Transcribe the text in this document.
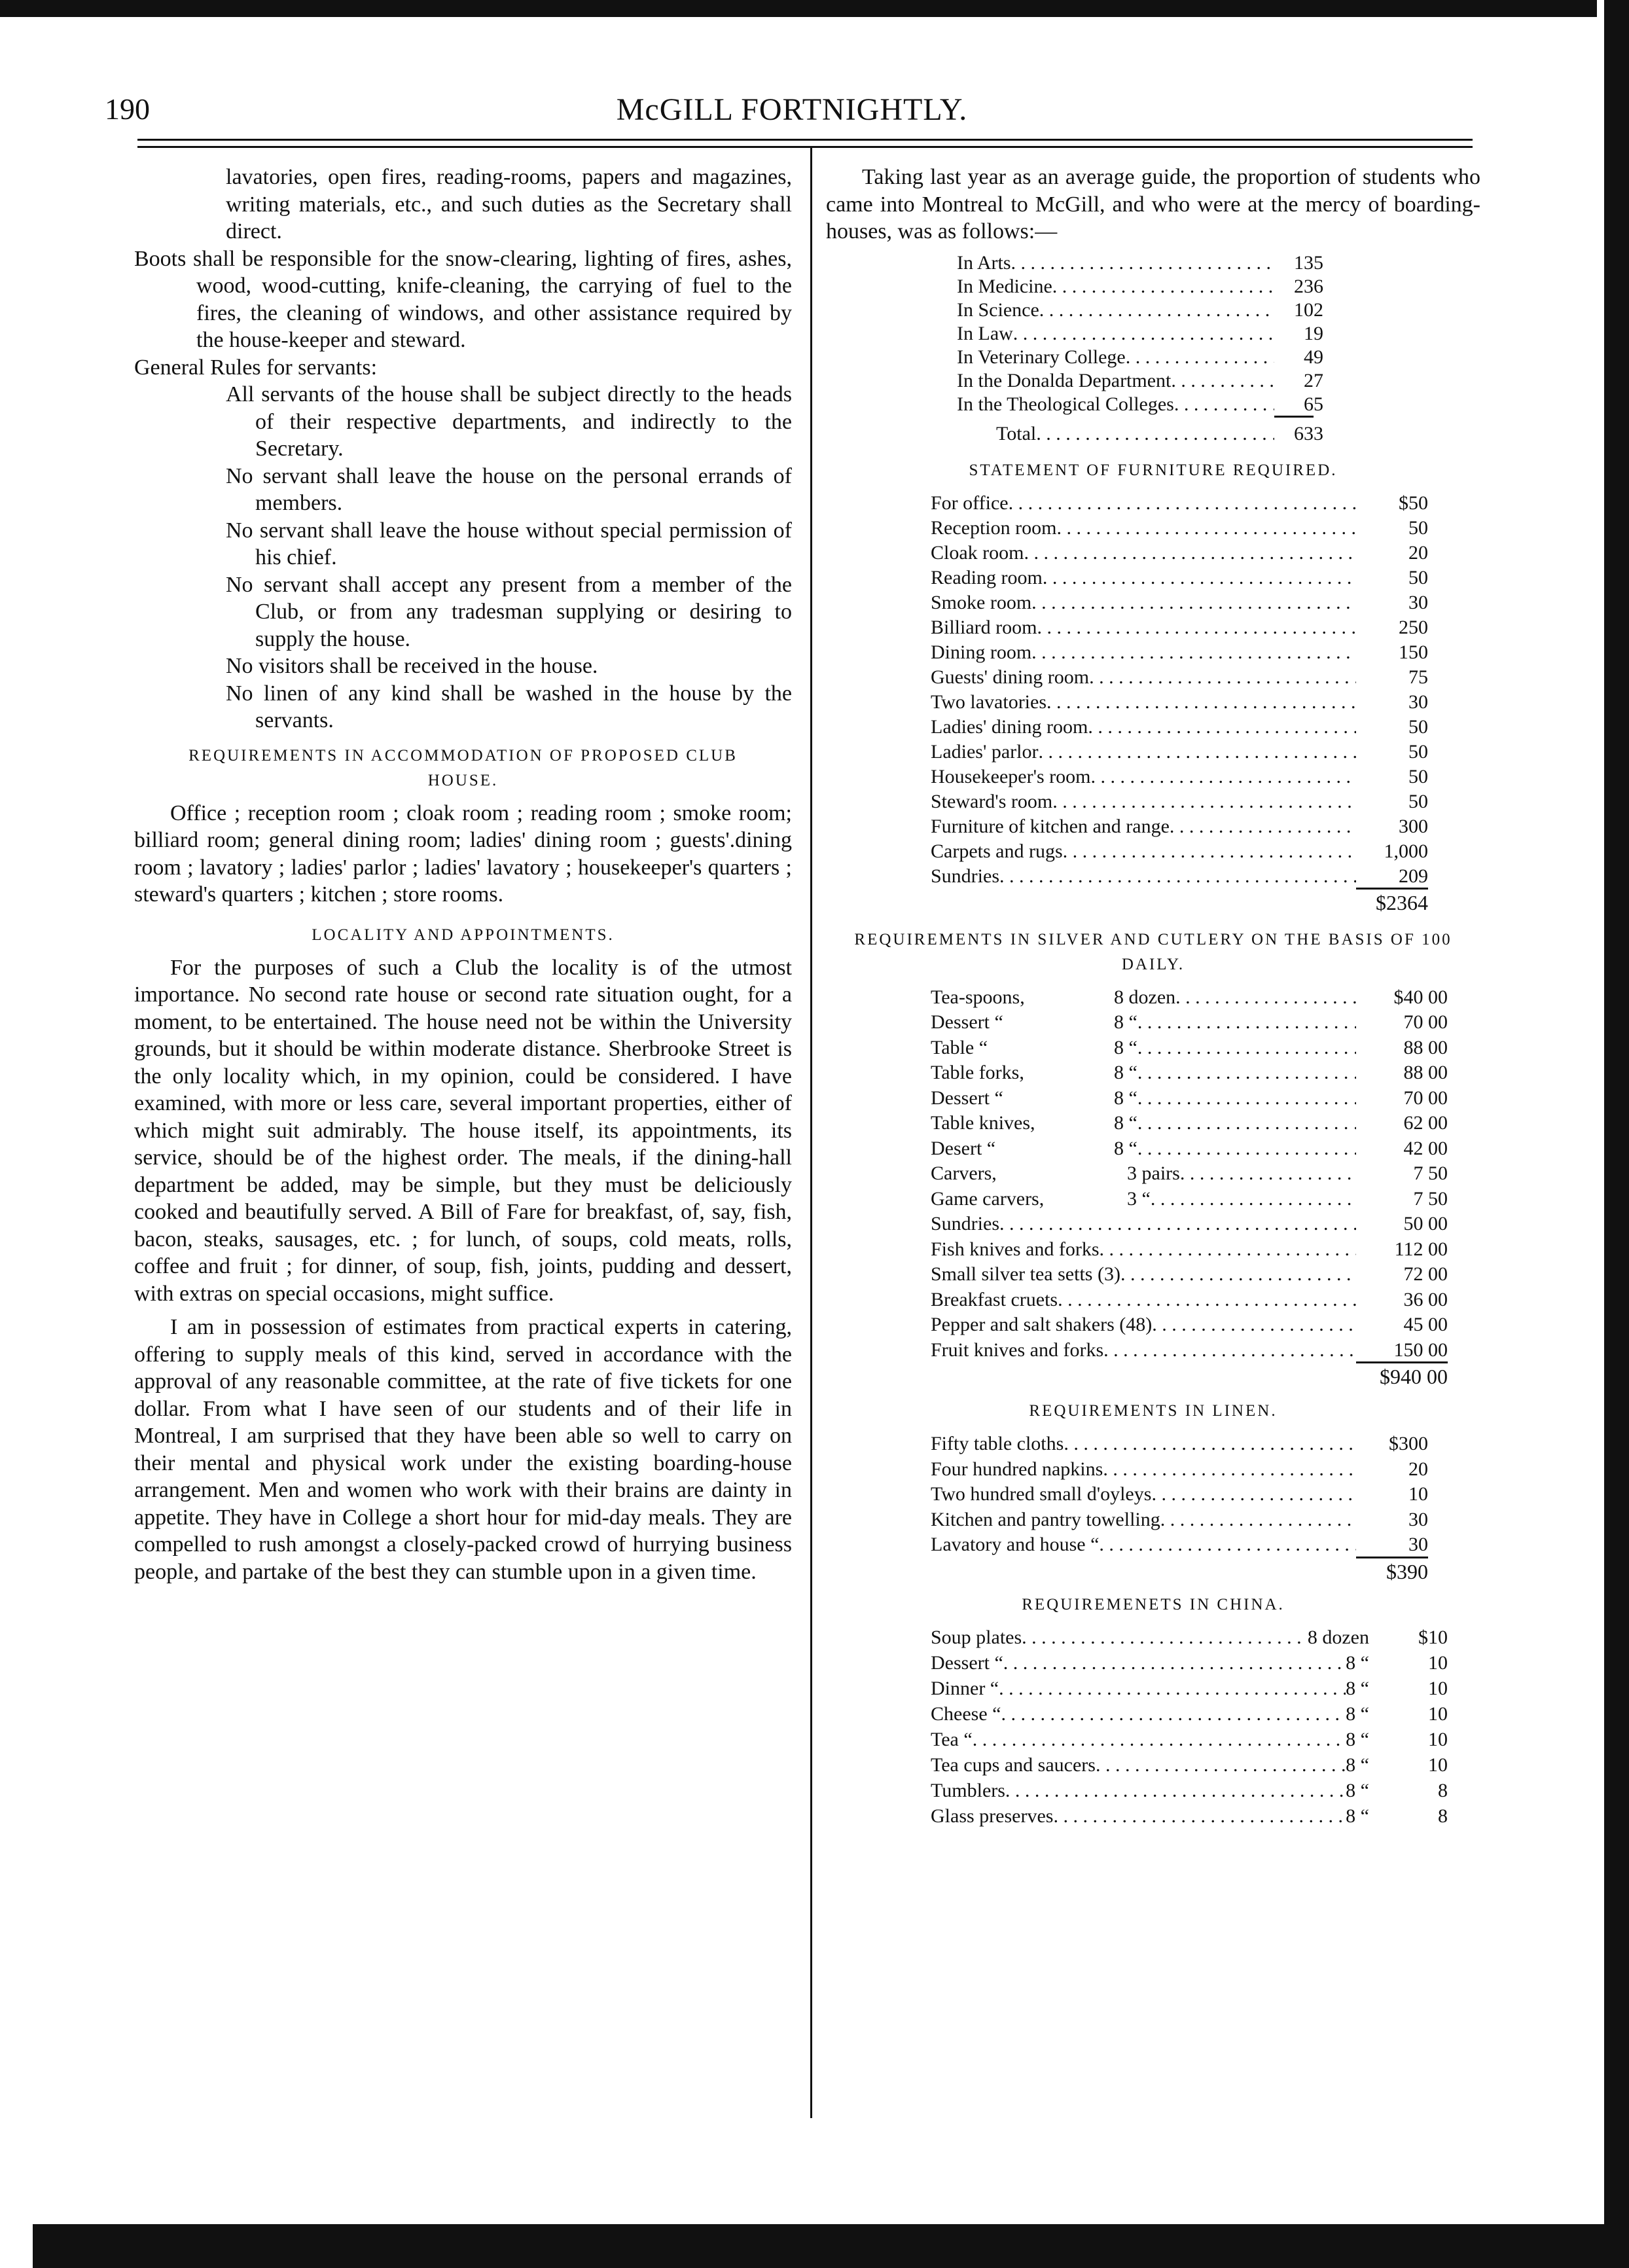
190	McGILL FORTNIGHTLY.

lavatories, open fires, reading-rooms, papers and magazines, writing materials, etc., and such duties as the Secretary shall direct.

Boots shall be responsible for the snow-clearing, lighting of fires, ashes, wood, wood-cutting, knife-cleaning, the carrying of fuel to the fires, the cleaning of windows, and other assistance required by the house-keeper and steward.

General Rules for servants:

All servants of the house shall be subject directly to the heads of their respective departments, and indirectly to the Secretary.

No servant shall leave the house on the personal errands of members.

No servant shall leave the house without special permission of his chief.

No servant shall accept any present from a member of the Club, or from any tradesman supplying or desiring to supply the house.

No visitors shall be received in the house.

No linen of any kind shall be washed in the house by the servants.

REQUIREMENTS IN ACCOMMODATION OF PROPOSED CLUB HOUSE.

Office ; reception room ; cloak room ; reading room ; smoke room; billiard room; general dining room; ladies' dining room ; guests'.dining room ; lavatory ; ladies' parlor ; ladies' lavatory ; housekeeper's quarters ; steward's quarters ; kitchen ; store rooms.

LOCALITY AND APPOINTMENTS.

For the purposes of such a Club the locality is of the utmost importance. No second rate house or second rate situation ought, for a moment, to be entertained. The house need not be within the University grounds, but it should be within moderate distance. Sherbrooke Street is the only locality which, in my opinion, could be considered. I have examined, with more or less care, several important properties, either of which might suit admirably. The house itself, its appointments, its service, should be of the highest order. The meals, if the dining-hall department be added, may be simple, but they must be deliciously cooked and beautifully served. A Bill of Fare for breakfast, of, say, fish, bacon, steaks, sausages, etc. ; for lunch, of soups, cold meats, rolls, coffee and fruit ; for dinner, of soup, fish, joints, pudding and dessert, with extras on special occasions, might suffice.

I am in possession of estimates from practical experts in catering, offering to supply meals of this kind, served in accordance with the approval of any reasonable committee, at the rate of five tickets for one dollar. From what I have seen of our students and of their life in Montreal, I am surprised that they have been able so well to carry on their mental and physical work under the existing boarding-house arrangement. Men and women who work with their brains are dainty in appetite. They have in College a short hour for mid-day meals. They are compelled to rush amongst a closely-packed crowd of hurrying business people, and partake of the best they can stumble upon in a given time.

Taking last year as an average guide, the proportion of students who came into Montreal to McGill, and who were at the mercy of boarding-houses, was as follows:—

In Arts . . .	135
In Medicine . . .	236
In Science . . .	102
In Law . . .	19
In Veterinary College . . .	49
In the Donalda Department . . .	27
In the Theological Colleges . . .	65
Total . . .	633
STATEMENT OF FURNITURE REQUIRED.
For office . . .	$50
Reception room . . .	50
Cloak room . . .	20
Reading room . . .	50
Smoke room . . .	30
Billiard room . . .	250
Dining room . . .	150
Guests' dining room . . .	75
Two lavatories . . .	30
Ladies' dining room . . .	50
Ladies' parlor . . .	50
Housekeeper's room . . .	50
Steward's room . . .	50
Furniture of kitchen and range . . .	300
Carpets and rugs . . .	1,000
Sundries . . .	209
$2364
REQUIREMENTS IN SILVER AND CUTLERY ON THE BASIS OF 100 DAILY.
Tea-spoons,	8 dozen . . .	$40 00
Dessert “	8 “ . . .	70 00
Table “	8 “ . . .	88 00
Table forks,	8 “ . . .	88 00
Dessert “	8 “ . . .	70 00
Table knives,	8 “ . . .	62 00
Desert “	8 “ . . .	42 00
Carvers,	3 pairs . . .	7 50
Game carvers,	3 “ . . .	7 50
Sundries . . .	50 00
Fish knives and forks . . .	112 00
Small silver tea setts (3) . . .	72 00
Breakfast cruets . . .	36 00
Pepper and salt shakers (48) . . .	45 00
Fruit knives and forks . . .	150 00
$940 00
REQUIREMENTS IN LINEN.
Fifty table cloths . . .	$300
Four hundred napkins . . .	20
Two hundred small d'oyleys . . .	10
Kitchen and pantry towelling . . .	30
Lavatory and house “ . . .	30
$390
REQUIREMENETS IN CHINA.
Soup plates . . .	8 dozen	$10
Dessert “ . . .	8 “	10
Dinner “ . . .	8 “	10
Cheese “ . . .	8 “	10
Tea “ . . .	8 “	10
Tea cups and saucers . . .	8 “	10
Tumblers . . .	8 “	8
Glass preserves . . .	8 “	8
